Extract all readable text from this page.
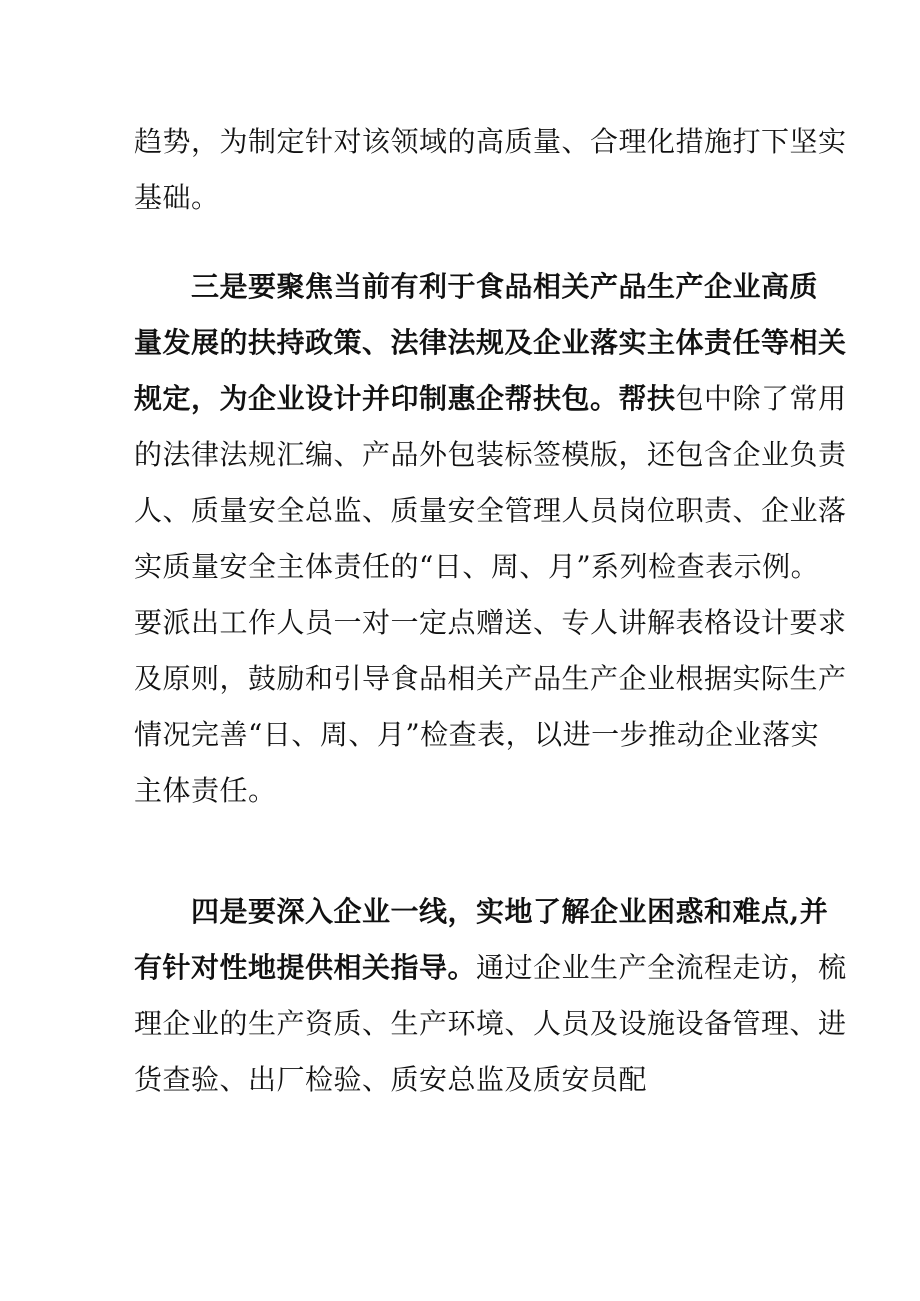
趋势，为制定针对该领域的高质量、合理化措施打下坚实
基础。
三是要聚焦当前有利于食品相关产品生产企业高质
量发展的扶持政策、法律法规及企业落实主体责任等相关
规定，为企业设计并印制惠企帮扶包。帮扶包中除了常用
的法律法规汇编、产品外包装标签模版，还包含企业负责
人、质量安全总监、质量安全管理人员岗位职责、企业落
实质量安全主体责任的“日、周、月”系列检查表示例。
要派出工作人员一对一定点赠送、专人讲解表格设计要求
及原则，鼓励和引导食品相关产品生产企业根据实际生产
情况完善“日、周、月”检查表，以进一步推动企业落实
主体责任。
四是要深入企业一线，实地了解企业困惑和难点,并
有针对性地提供相关指导。通过企业生产全流程走访，梳
理企业的生产资质、生产环境、人员及设施设备管理、进
货查验、出厂检验、质安总监及质安员配
